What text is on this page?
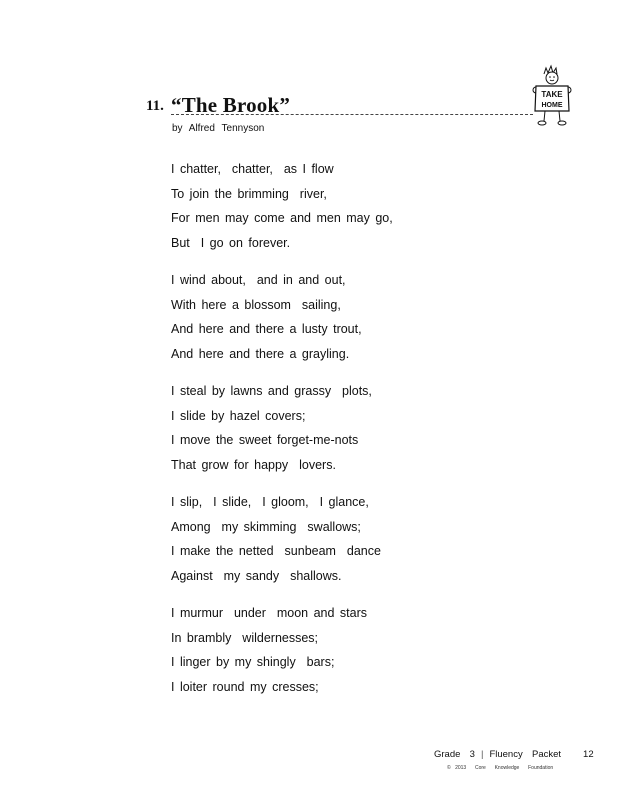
11. “The Brook”
by Alfred Tennyson
TAKE
HOME
I chatter,  chatter,  as I flow
To join the brimming  river,
For men may come and men may go,
But  I go on forever.
I wind about,  and in and out,
With here a blossom  sailing,
And here and there a lusty trout,
And here and there a grayling.
I steal by lawns and grassy  plots,
I slide by hazel covers;
I move the sweet forget-me-nots
That grow for happy  lovers.
I slip,  I slide,  I gloom,  I glance,
Among  my skimming  swallows;
I make the netted  sunbeam  dance
Against  my sandy  shallows.
I murmur  under  moon and stars
In brambly  wildernesses;
I linger by my shingly  bars;
I loiter round my cresses;
Grade  3 | Fluency  Packet 12
© 2013  Core  Knowledge  Foundation
